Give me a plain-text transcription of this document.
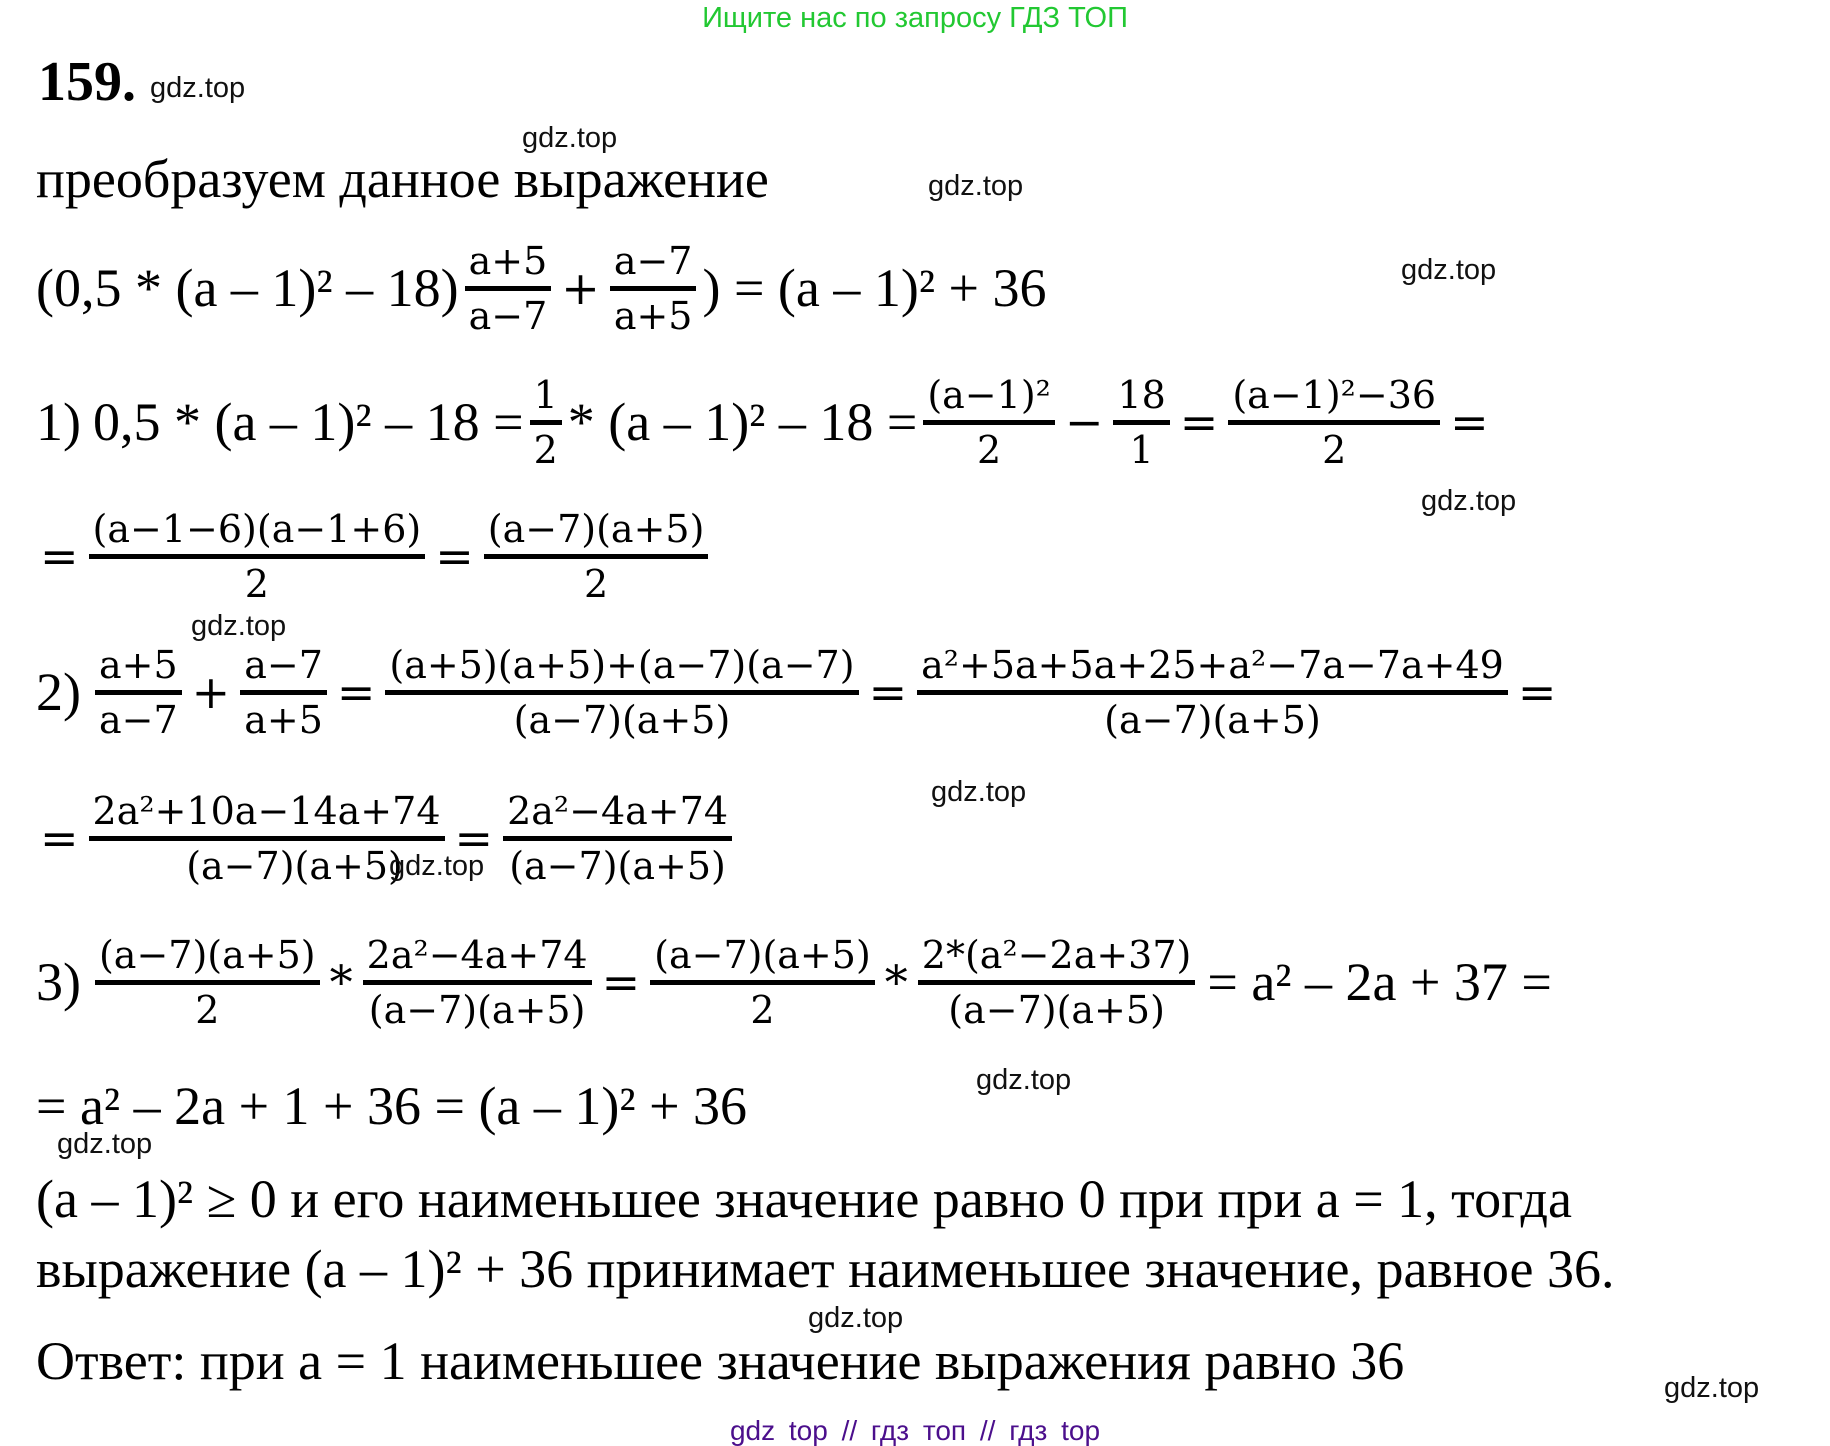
Ищите нас по запросу ГДЗ ТОП
159.
преобразуем данное выражение
(0,5 * (a – 1)² – 18) a+5
a−7
+
a−7
a+5 ) = (a – 1)² + 36
1) 0,5 * (a – 1)² – 18 = 1
2 * (a – 1)² – 18 = (a−1)²
2
−
18
1
=
(a−1)²−36
2
=
=
(a−1−6)(a−1+6)
2
=
(a−7)(a+5)
2
2) a+5
a−7
+
a−7
a+5
=
(a+5)(a+5)+(a−7)(a−7)
(a−7)(a+5)
=
a²+5a+5a+25+a²−7a−7a+49
(a−7)(a+5)
=
=
2a²+10a−14a+74
(a−7)(a+5)
=
2a²−4a+74
(a−7)(a+5)
3) (a−7)(a+5)
2
*
2a²−4a+74
(a−7)(a+5)
=
(a−7)(a+5)
2
*
2*(a²−2a+37)
(a−7)(a+5) = a² – 2a + 37 =
= a² – 2a + 1 + 36 = (a – 1)² + 36
(a – 1)² ≥ 0 и его наименьшее значение равно 0 при при a = 1, тогда
выражение (a – 1)² + 36 принимает наименьшее значение, равное 36.
Ответ: при a = 1 наименьшее значение выражения равно 36
gdz.top
gdz.top
gdz.top
gdz.top
gdz.top
gdz.top
gdz.top
gdz.top
gdz.top
gdz.top
gdz.top
gdz.top
gdz top // гдз топ // гдз top
